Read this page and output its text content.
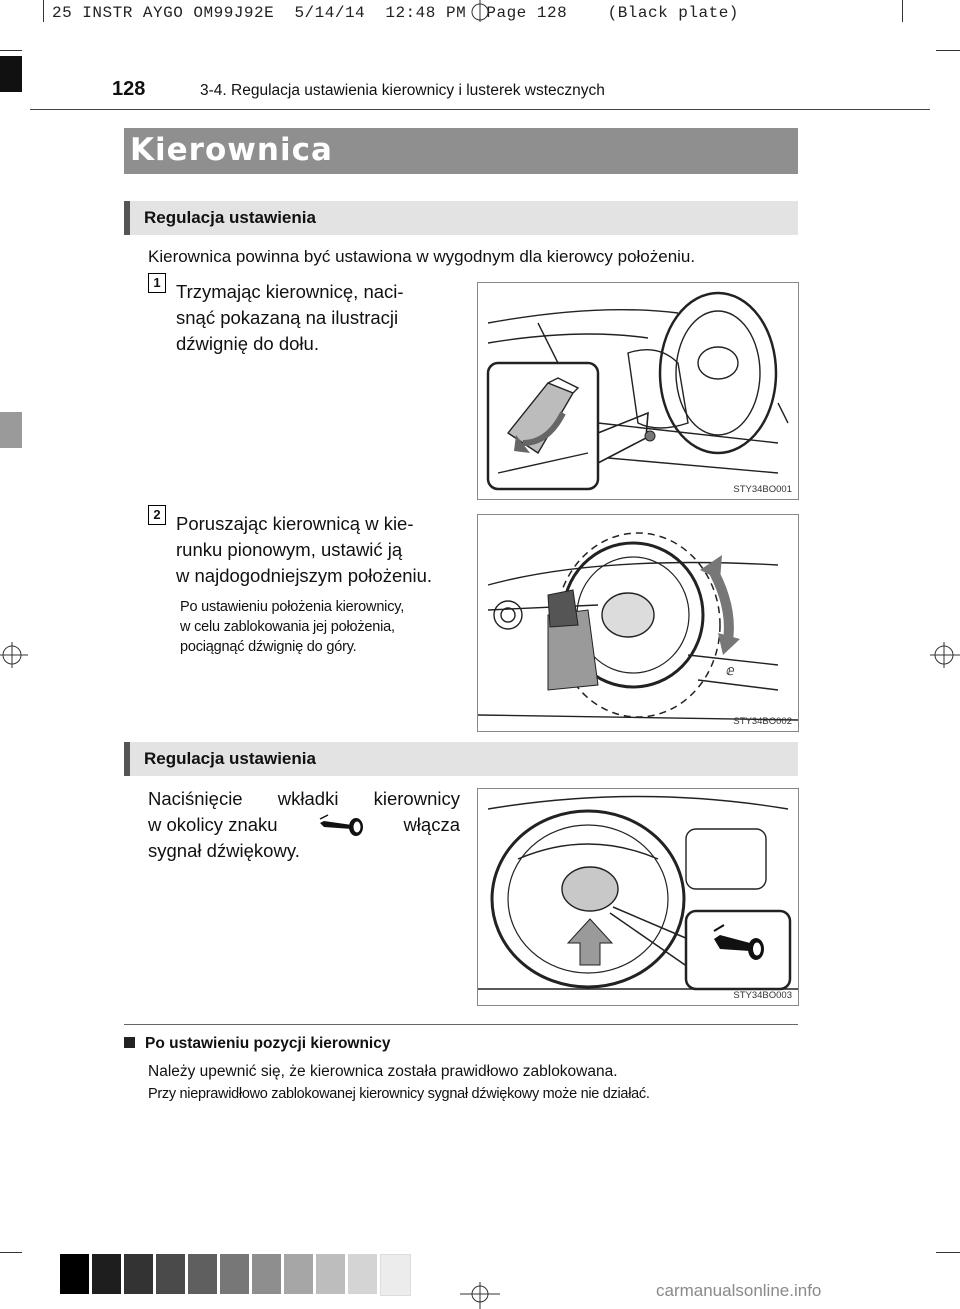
25 INSTR AYGO OM99J92E  5/14/14  12:48 PM  Page 128    (Black plate)
128	3-4. Regulacja ustawienia kierownicy i lusterek wstecznych
Kierownica
Regulacja ustawienia
Kierownica powinna być ustawiona w wygodnym dla kierowcy położeniu.
1 Trzymając kierownicę, naci-
snąć pokazaną na ilustracji
dźwignię do dołu.
STY34BO001
2 Poruszając kierownicą w kie-
runku pionowym, ustawić ją
w najdogodniejszym położeniu.
Po ustawieniu położenia kierownicy,
w celu zablokowania jej położenia,
pociągnąć dźwignię do góry.
ⅇ
STY34BO002
Regulacja ustawienia
Naciśnięcie wkładki kierownicy
w okolicy znaku	włącza
sygnał dźwiękowy.
STY34BO003
Po ustawieniu pozycji kierownicy
Należy upewnić się, że kierownica została prawidłowo zablokowana.
Przy nieprawidłowo zablokowanej kierownicy sygnał dźwiękowy może nie działać.
carmanualsonline.info
